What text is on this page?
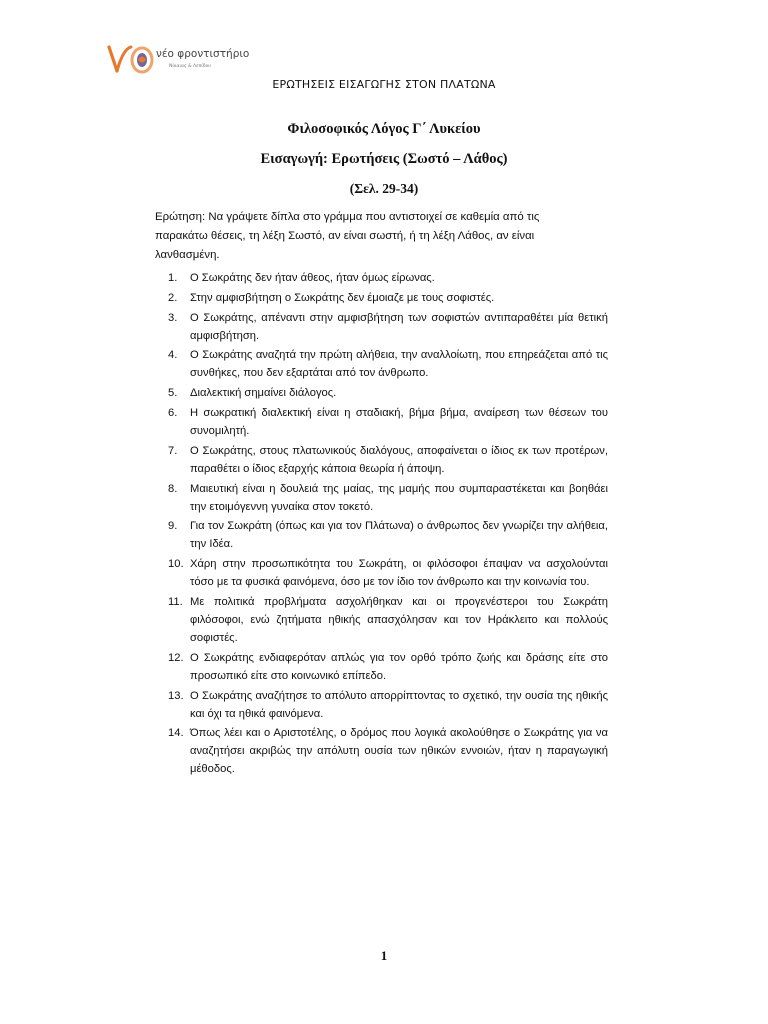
νέο φροντιστήριο
Νίκαιας & Λεπίδου
ΕΡΩΤΗΣΕΙΣ ΕΙΣΑΓΩΓΗΣ ΣΤΟΝ ΠΛΑΤΩΝΑ
Φιλοσοφικός Λόγος Γ΄ Λυκείου
Εισαγωγή: Ερωτήσεις (Σωστό – Λάθος)
(Σελ. 29-34)
Ερώτηση: Να γράψετε δίπλα στο γράμμα που αντιστοιχεί σε καθεμία από τις παρακάτω θέσεις, τη λέξη Σωστό, αν είναι σωστή, ή τη λέξη Λάθος, αν είναι λανθασμένη.
1.	Ο Σωκράτης δεν ήταν άθεος, ήταν όμως είρωνας.
2.	Στην αμφισβήτηση ο Σωκράτης δεν έμοιαζε με τους σοφιστές.
3.	Ο Σωκράτης, απέναντι στην αμφισβήτηση των σοφιστών αντιπαραθέτει μία θετική αμφισβήτηση.
4.	Ο Σωκράτης αναζητά την πρώτη αλήθεια, την αναλλοίωτη, που επηρεάζεται από τις συνθήκες, που δεν εξαρτάται από τον άνθρωπο.
5.	Διαλεκτική σημαίνει διάλογος.
6.	Η σωκρατική διαλεκτική είναι η σταδιακή, βήμα βήμα, αναίρεση των θέσεων του συνομιλητή.
7.	Ο Σωκράτης, στους πλατωνικούς διαλόγους, αποφαίνεται ο ίδιος εκ των προτέρων, παραθέτει ο ίδιος εξαρχής κάποια θεωρία ή άποψη.
8.	Μαιευτική είναι η δουλειά της μαίας, της μαμής που συμπαραστέκεται και βοηθάει την ετοιμόγεννη γυναίκα στον τοκετό.
9.	Για τον Σωκράτη (όπως και για τον Πλάτωνα) ο άνθρωπος δεν γνωρίζει την αλήθεια, την Ιδέα.
10. Χάρη στην προσωπικότητα του Σωκράτη, οι φιλόσοφοι έπαψαν να ασχολούνται τόσο με τα φυσικά φαινόμενα, όσο με τον ίδιο τον άνθρωπο και την κοινωνία του.
11. Με πολιτικά προβλήματα ασχολήθηκαν και οι προγενέστεροι του Σωκράτη φιλόσοφοι, ενώ ζητήματα ηθικής απασχόλησαν και τον Ηράκλειτο και πολλούς σοφιστές.
12. Ο Σωκράτης ενδιαφερόταν απλώς για τον ορθό τρόπο ζωής και δράσης είτε στο προσωπικό είτε στο κοινωνικό επίπεδο.
13. Ο Σωκράτης αναζήτησε το απόλυτο απορρίπτοντας το σχετικό, την ουσία της ηθικής και όχι τα ηθικά φαινόμενα.
14. Όπως λέει και ο Αριστοτέλης, ο δρόμος που λογικά ακολούθησε ο Σωκράτης για να αναζητήσει ακριβώς την απόλυτη ουσία των ηθικών εννοιών, ήταν η παραγωγική μέθοδος.
1
